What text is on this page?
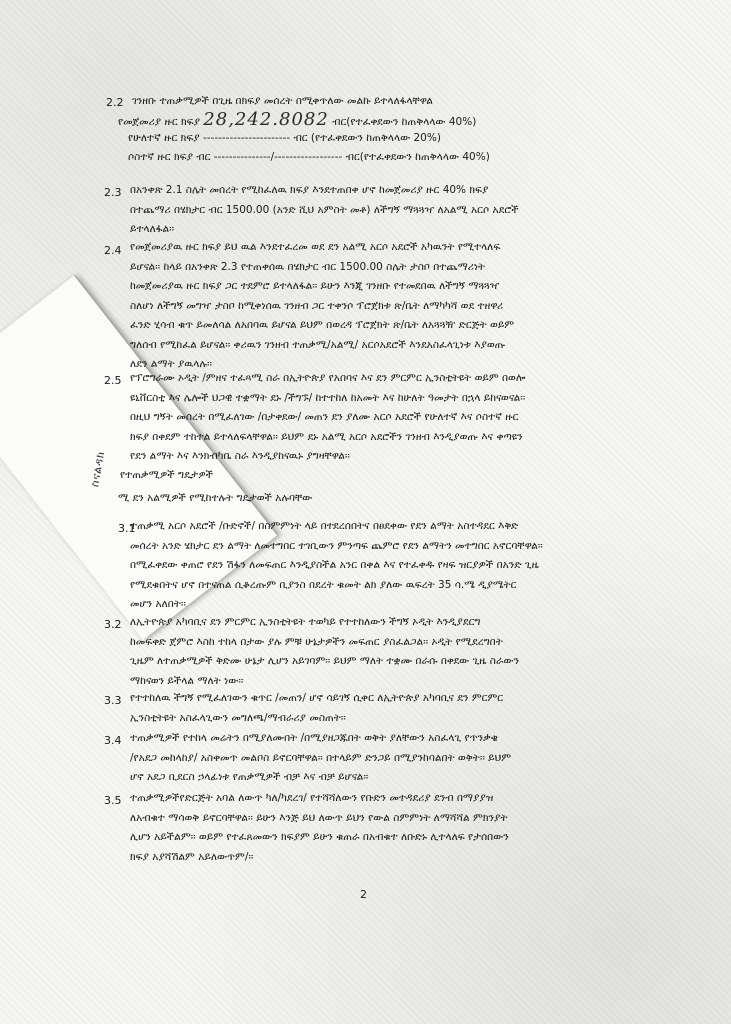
ስናልዳክ
2.2 ገንዘቡ ተጠቃሚዎች በጊዜ በክፍያ መሰረት በሚቀጥለው መልኩ ይተላለፋላቸዋል
የመጀመሪያ ዙር ክፍያ 28,242.8082 ብር(የተፈቀደውን ከጠቅላላው 40%)
የሁለተኛ ዙር ክፍያ ----------------------- ብር (የተፈቀደውን ከጠቅላላው 20%)
ሶስተኛ ዙር ክፍያ ብር ---------------/------------------ ብር(የተፈቀደውን ከጠቅላላው 40%)
2.3 በአንቀጽ 2.1 ስሌት መሰረት የሚከፈለዉ ክፍያ እንደተጠበቀ ሆኖ ከመጀመሪያ ዙር 40% ክፍያ
በተጨማሪ በሄክታር ብር 1500.00 (አንድ ሺህ አምስት መቶ) ለችግኝ ማጓጓዣ ለአልሚ አርሶ አደሮች
ይተላለፋል፡፡
2.4 የመጀመሪያዉ ዙር ክፍያ ይህ ዉል እንደተፈረመ ወደ ደን አልሚ አርሶ አደሮች አካዉንት የሚተላለፍ
ይሆናል፡፡ ከላይ በአንቀጽ 2.3 የተጠቀሰዉ በሄክታር ብር 1500.00 ስሌት ታስቦ በተጨማሪነት
ከመጀመሪያዉ ዙር ክፍያ ጋር ተደምሮ ይተላለፋል፡፡ ይሁን እንጂ ገንዘቡ የተመደበዉ ለችግኝ ማጓጓዣ
ስለሆነ ለችግኝ መግዣ ታስቦ ከሚቀነሰዉ ገንዘብ ጋር ተቀንሶ ፕሮጀክቱ ጽ/ቤት ለማካካሻ ወደ ተዘዋሪ
ፈንድ ሂሳብ ቁጥ ይመለሳል ለአበባዉ ይሆናል ይህም በወረዳ ፕሮጀክት ጽ/ቤት ለአጓጓዥ ድርጅት ወይም
ግለሰብ የሚከፈል ይሆናል፡፡ ቀሪዉን ገንዘብ ተጠቃሚ/አልሚ/ አርሶአደሮች እንደአስፈላጊነቱ እያወጡ
ለደን ልማት ያዉላሉ፡፡
2.5 የፕሮግራሙ ኦዲት /ምዘና ተፈጻሚ ስራ በኢትዮጵያ የአበባና እና ደን ምርምር ኢንስቲትዩት ወይም በወሎ
ዩኒቨርስቲ እና ሌሎች ህጋዊ ተቋማት ደኑ /ችግኙ/ ከተተከለ ከአመት እና ከሁለት ዓመታት በኋላ ይከናወናል፡፡
በዚህ ግኝት መሰረት በሚፈለገው /በታቀደው/ መጠን ደን ያለሙ አርሶ አደሮች የሁለተኛ እና ሶስተኛ ዙር
ክፍያ በቀደም ተከተል ይተላለፍላቸዋል፡፡ ይህም ደኑ አልሚ አርሶ አደሮችን ገንዘብ እንዲያወጡ እና ቀጣዩን
የደን ልማት እና እንክብካቤ ስራ እንዲያከናዉኑ ያግዛቸዋል፡፡
የተጠቃሚዎች ግዴታዎች
ሚ ደን አልሚዎች የሚከተሉት ግዴታወች አሉባቸው
3.1
ተጠቃሚ አርሶ አደሮች /ቡድኖች/ በስምምነት ላይ በተደረሰበትና በፀደቀው የደን ልማት አስተዳደር እቅድ
መሰረት አንድ ሄክታር ደን ልማት ለመተግበር ተገቢውን ምንጣፍ ጨምሮ የደን ልማትን መተግበር አኖርባቸዋል፡፡
በሚፈቀደው ቀጠሮ የደን ሽፋን ለመፍጠር እንዲያስችል አንር በቀል እና የተፈቀዱ የዛፍ ዝርያዎች በአንድ ጊዜ
የሚደቁበትና ሆኖ በተናጠል ሲቆረጡም ቢያንስ በደረት ቁመት ልክ ያለው ዉፍረት 35 ሳ.ሜ ዲያሜትር
መሆን አለበት፡፡
3.2 ለኢትዮጵያ አካባቢና ደን ምርምር ኢንስቲትዩት ተወካይ የተተከለውን ችግኝ ኦዲት እንዲያደርግ
ከመፍቀድ ጀምሮ እስከ ተከላ በታው ያሉ ምቹ ሁኔታዎችን መፍጠር ያስፈልጋል፡፡ ኦዲት የሚደረግበት
ጊዜም ለተጠቃሚዎች ቅድሙ ሁኔታ ሊሆን አይገባም፡፡ ይህም ማለት ተቋሙ በራሱ በቀደው ጊዜ ስራውን
ማከናወን ይችላል ማለት ነው፡፡
3.3 የተተከለዉ ችግኝ የሚፈለገውን ቁጥር /መጠን/ ሆኖ ሳይገኝ ሲቀር ለኢትዮጵያ አካባቢና ደን ምርምር
ኢንስቲትዩት አስፈላጊውን መግለጫ/ማብራሪያ መስጠት፡፡
3.4 ተጠቃሚዎች የተከላ መሬትን በሚያለሙበት /በሚያዘጋጁበት ወቅት ያለቸውን አስፈላጊ የጥንቃቄ
/የአደጋ መከላከያ/ አስቀመጥ መልቦስ ይኖርባቸዋል፡፡ በተላይም ድንጋይ በሚያንከባልበት ወቅት፡፡ ይህም
ሆኖ አደጋ ቢደርስ ኃላፊነቱ የጠቃሚዎች ብቻ እና ብቻ ይሆናል፡፡
3.5 ተጠቃሚዎችየድርጅት አባል ለውጥ ካለ/ካደረገ/ የተሻሻለውን የቡድን መተዳደሪያ ደንብ በማያያዝ
ለአብቁተ ማሳወቅ ይኖርባቸዋል፡፡ ይሁን እንጅ ይህ ለውጥ ይህን የውል ስምምነት ለማሻሻል ምክንያት
ሊሆን አይችልም፡፡ ወይም የተፈጸመውን ክፍያም ይሁን ቁጠራ በአብቁተ ለቡድኑ ሊተላለፍ የታሰበውን
ክፍያ አያሻሽልም አይለውጥም/፡፡
2
